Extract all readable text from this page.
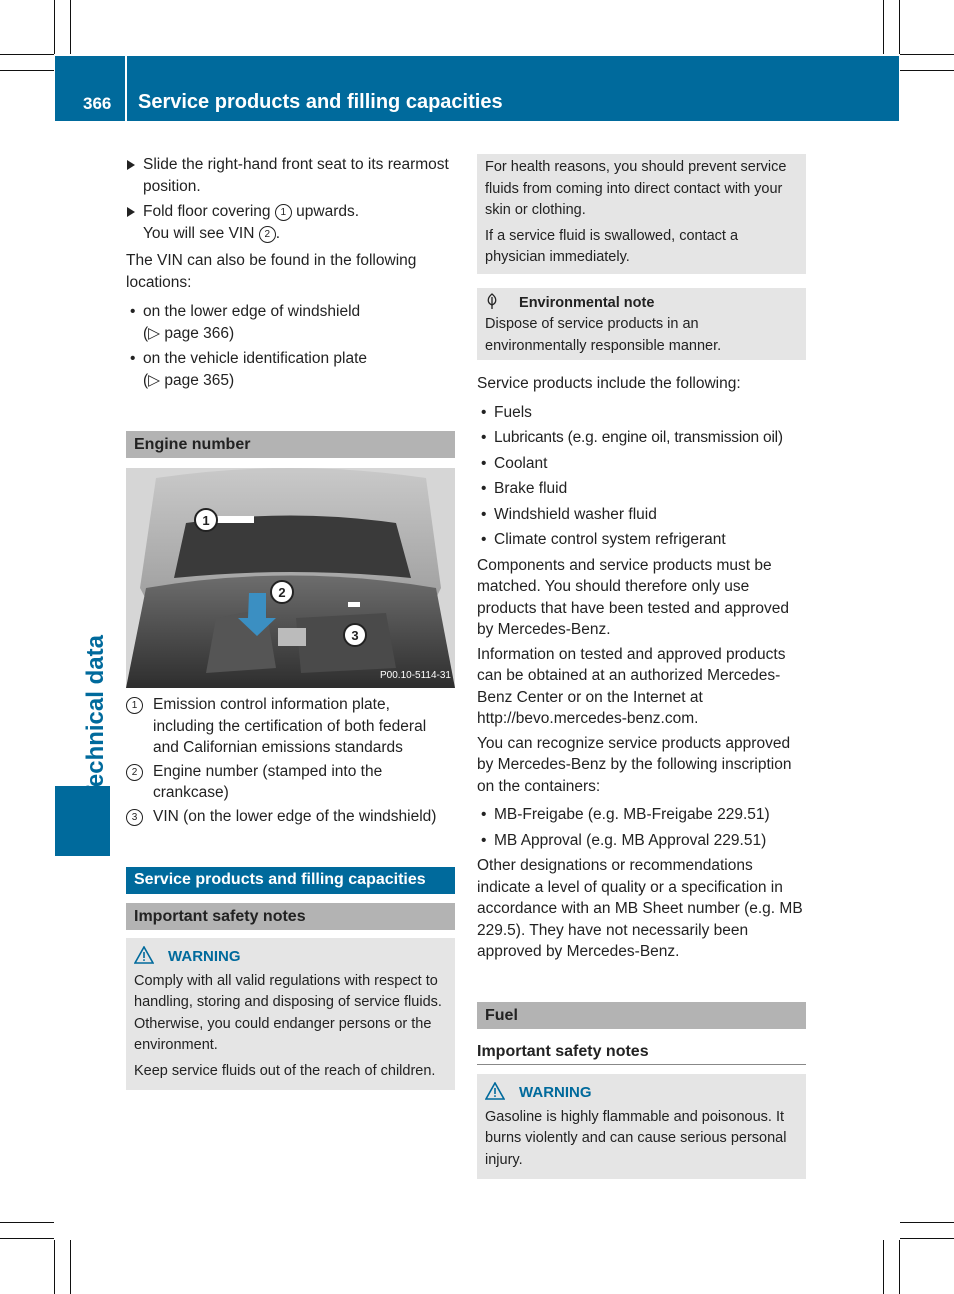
366 Service products and filling capacities
Technical data
Slide the right-hand front seat to its rearmost position.
Fold floor covering 1 upwards.
You will see VIN 2 .

The VIN can also be found in the following locations:

• on the lower edge of windshield
(▷ page 366)
• on the vehicle identification plate
(▷ page 365)
Engine number
1
2
3
P00.10-5114-31
1	Emission control information plate, including the certification of both federal and Californian emissions standards
2	Engine number (stamped into the crankcase)
3	VIN (on the lower edge of the windshield)
Service products and filling capacities
Important safety notes
WARNING

Comply with all valid regulations with respect to handling, storing and disposing of service fluids. Otherwise, you could endanger persons or the environment.

Keep service fluids out of the reach of children.

For health reasons, you should prevent service fluids from coming into direct contact with your skin or clothing.

If a service fluid is swallowed, contact a physician immediately.

Environmental note

Dispose of service products in an environmentally responsible manner.

Service products include the following:

• Fuels
• Lubricants (e.g. engine oil, transmission oil)
• Coolant
• Brake fluid
• Windshield washer fluid
• Climate control system refrigerant

Components and service products must be matched. You should therefore only use products that have been tested and approved by Mercedes-Benz.

Information on tested and approved products can be obtained at an authorized Mercedes-Benz Center or on the Internet at http://bevo.mercedes-benz.com.

You can recognize service products approved by Mercedes-Benz by the following inscription on the containers:

• MB-Freigabe (e.g. MB-Freigabe 229.51)
• MB Approval (e.g. MB Approval 229.51)

Other designations or recommendations indicate a level of quality or a specification in accordance with an MB Sheet number (e.g. MB 229.5). They have not necessarily been approved by Mercedes-Benz.

Fuel
Important safety notes
WARNING

Gasoline is highly flammable and poisonous. It burns violently and can cause serious personal injury.
